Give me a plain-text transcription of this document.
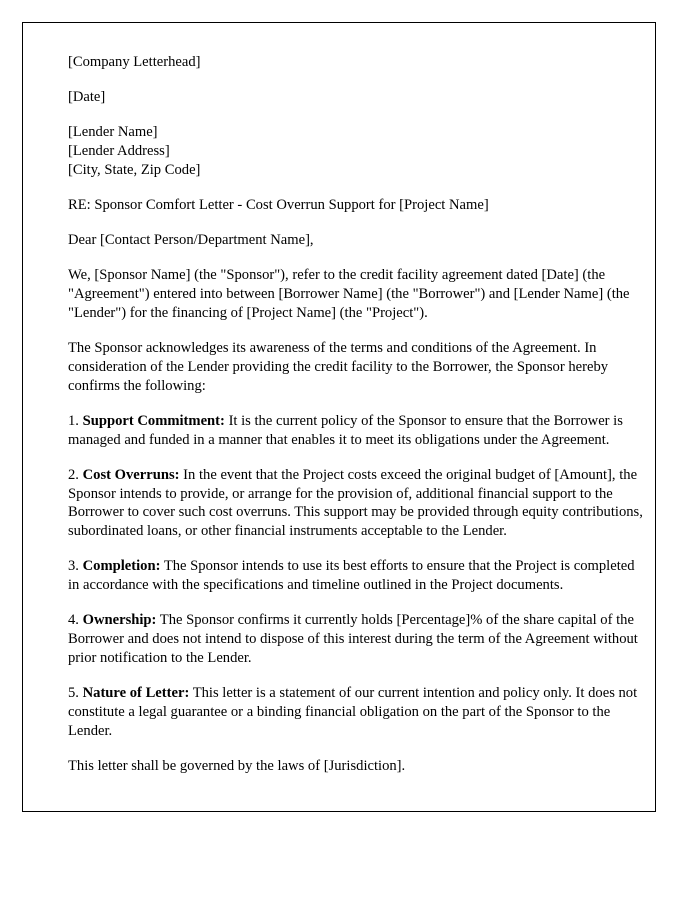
[Company Letterhead]
[Date]
[Lender Name]
[Lender Address]
[City, State, Zip Code]
RE: Sponsor Comfort Letter - Cost Overrun Support for [Project Name]
Dear [Contact Person/Department Name],
We, [Sponsor Name] (the "Sponsor"), refer to the credit facility agreement dated [Date] (the "Agreement") entered into between [Borrower Name] (the "Borrower") and [Lender Name] (the "Lender") for the financing of [Project Name] (the "Project").
The Sponsor acknowledges its awareness of the terms and conditions of the Agreement. In consideration of the Lender providing the credit facility to the Borrower, the Sponsor hereby confirms the following:
1. Support Commitment: It is the current policy of the Sponsor to ensure that the Borrower is managed and funded in a manner that enables it to meet its obligations under the Agreement.
2. Cost Overruns: In the event that the Project costs exceed the original budget of [Amount], the Sponsor intends to provide, or arrange for the provision of, additional financial support to the Borrower to cover such cost overruns. This support may be provided through equity contributions, subordinated loans, or other financial instruments acceptable to the Lender.
3. Completion: The Sponsor intends to use its best efforts to ensure that the Project is completed in accordance with the specifications and timeline outlined in the Project documents.
4. Ownership: The Sponsor confirms it currently holds [Percentage]% of the share capital of the Borrower and does not intend to dispose of this interest during the term of the Agreement without prior notification to the Lender.
5. Nature of Letter: This letter is a statement of our current intention and policy only. It does not constitute a legal guarantee or a binding financial obligation on the part of the Sponsor to the Lender.
This letter shall be governed by the laws of [Jurisdiction].
